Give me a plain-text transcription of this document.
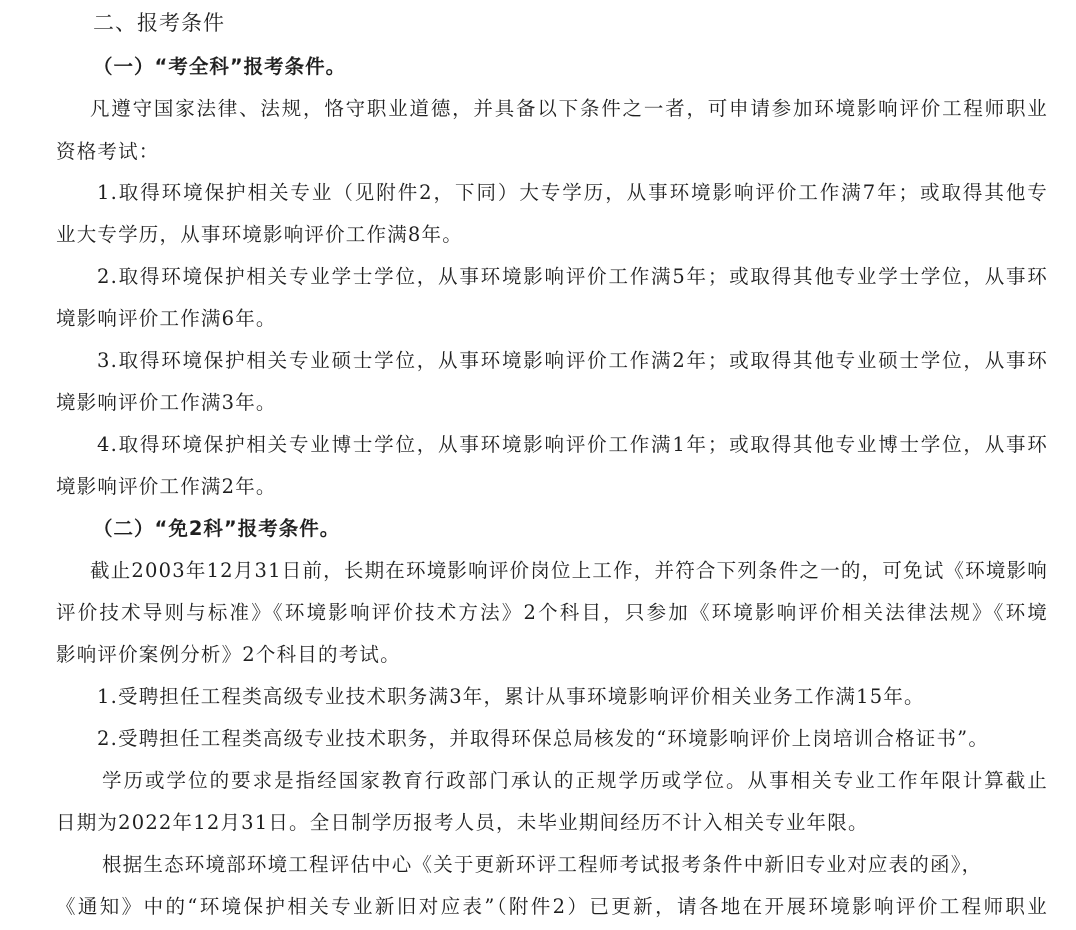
二、报考条件
（一）“考全科”报考条件。
凡遵守国家法律、法规，恪守职业道德，并具备以下条件之一者，可申请参加环境影响评价工程师职业
资格考试：
1.取得环境保护相关专业（见附件2，下同）大专学历，从事环境影响评价工作满7年；或取得其他专
业大专学历，从事环境影响评价工作满8年。
2.取得环境保护相关专业学士学位，从事环境影响评价工作满5年；或取得其他专业学士学位，从事环
境影响评价工作满6年。
3.取得环境保护相关专业硕士学位，从事环境影响评价工作满2年；或取得其他专业硕士学位，从事环
境影响评价工作满3年。
4.取得环境保护相关专业博士学位，从事环境影响评价工作满1年；或取得其他专业博士学位，从事环
境影响评价工作满2年。
（二）“免2科”报考条件。
截止2003年12月31日前，长期在环境影响评价岗位上工作，并符合下列条件之一的，可免试《环境影响
评价技术导则与标准》《环境影响评价技术方法》2个科目，只参加《环境影响评价相关法律法规》《环境
影响评价案例分析》2个科目的考试。
1.受聘担任工程类高级专业技术职务满3年，累计从事环境影响评价相关业务工作满15年。
2.受聘担任工程类高级专业技术职务，并取得环保总局核发的“环境影响评价上岗培训合格证书”。
学历或学位的要求是指经国家教育行政部门承认的正规学历或学位。从事相关专业工作年限计算截止
日期为2022年12月31日。全日制学历报考人员，未毕业期间经历不计入相关专业年限。
根据生态环境部环境工程评估中心《关于更新环评工程师考试报考条件中新旧专业对应表的函》，
《通知》中的“环境保护相关专业新旧对应表”（附件2）已更新，请各地在开展环境影响评价工程师职业
